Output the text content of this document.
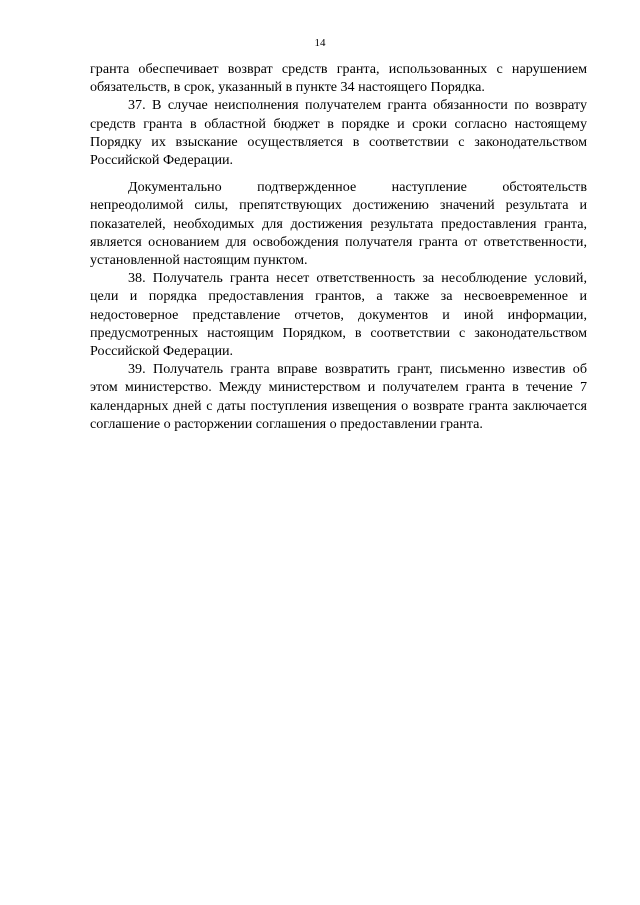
14

гранта обеспечивает возврат средств гранта, использованных с нарушением обязательств, в срок, указанный в пункте 34 настоящего Порядка.

37. В случае неисполнения получателем гранта обязанности по возврату средств гранта в областной бюджет в порядке и сроки согласно настоящему Порядку их взыскание осуществляется в соответствии с законодательством Российской Федерации.

Документально подтвержденное наступление обстоятельств непреодолимой силы, препятствующих достижению значений результата и показателей, необходимых для достижения результата предоставления гранта, является основанием для освобождения получателя гранта от ответственности, установленной настоящим пунктом.

38. Получатель гранта несет ответственность за несоблюдение условий, цели и порядка предоставления грантов, а также за несвоевременное и недостоверное представление отчетов, документов и иной информации, предусмотренных настоящим Порядком, в соответствии с законодательством Российской Федерации.

39. Получатель гранта вправе возвратить грант, письменно известив об этом министерство. Между министерством и получателем гранта в течение 7 календарных дней с даты поступления извещения о возврате гранта заключается соглашение о расторжении соглашения о предоставлении гранта.
